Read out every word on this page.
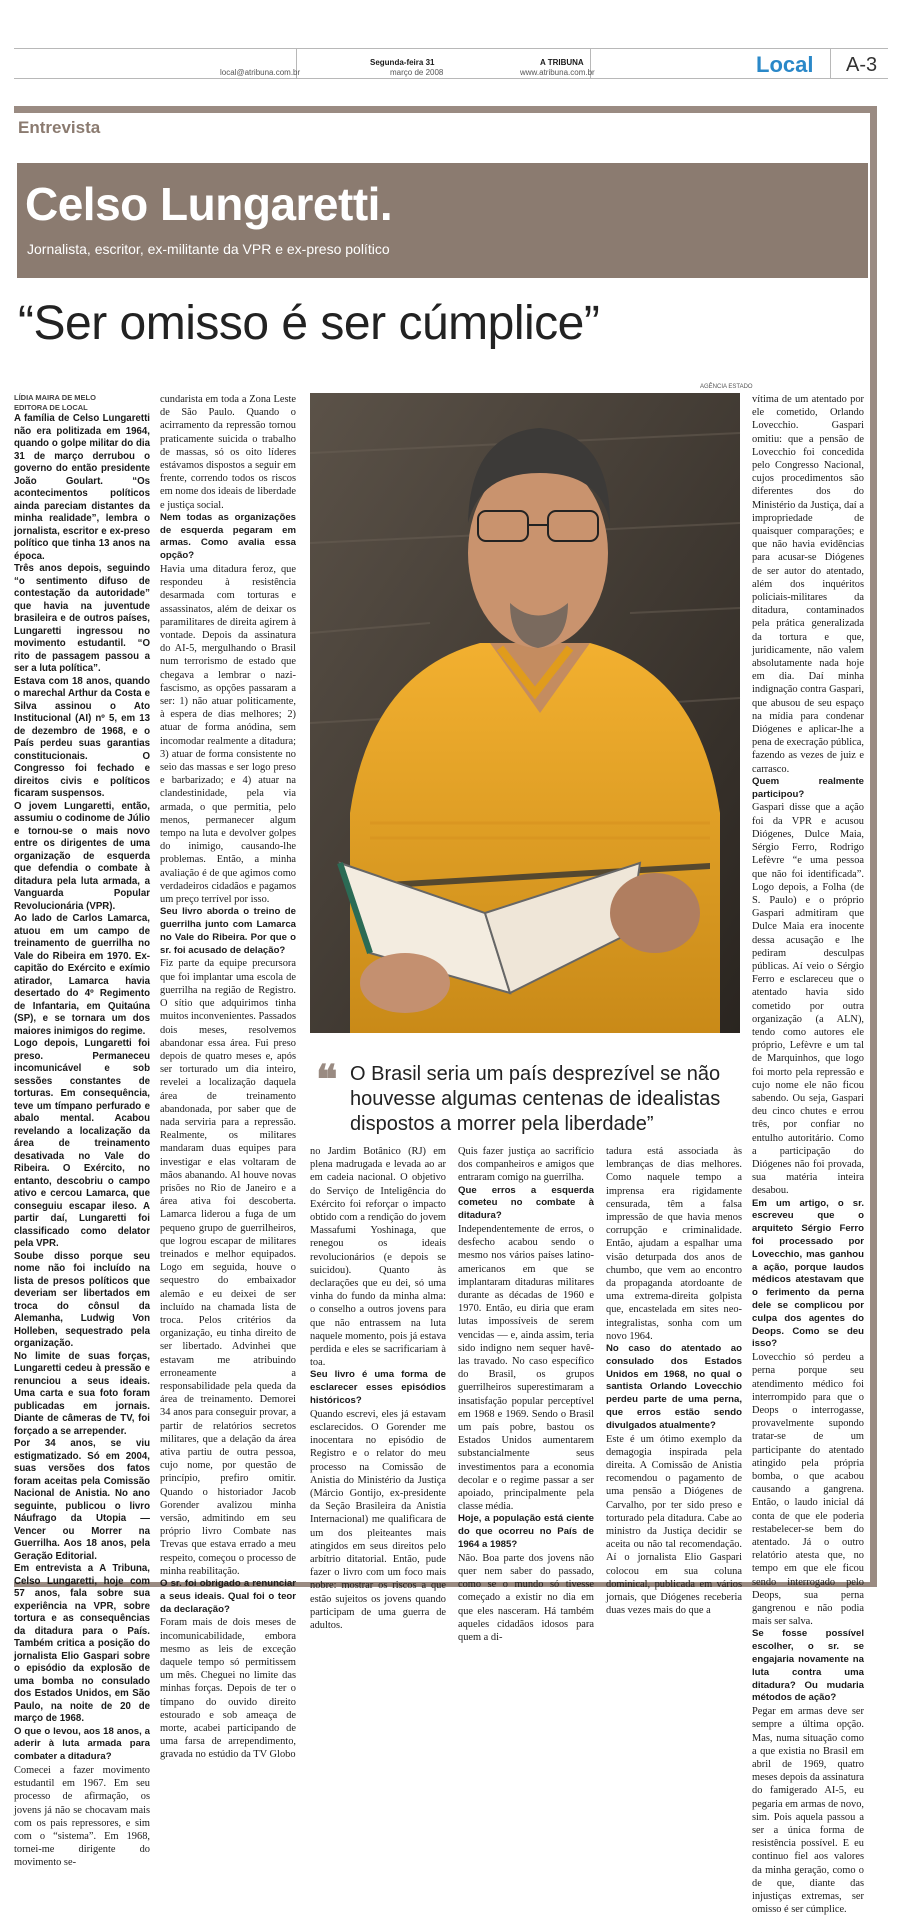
local@atribuna.com.br
Segunda-feira 31
março de 2008
A TRIBUNA
www.atribuna.com.br	Local A-3
Entrevista
Celso Lungaretti.
Jornalista, escritor, ex-militante da VPR e ex-preso político
“Ser omisso é ser cúmplice”
AGÊNCIA ESTADO
❝ O Brasil seria um país desprezível se não houvesse algumas centenas de idealistas dispostos a morrer pela liberdade”
LÍDIA MAIRA DE MELO
EDITORA DE LOCAL

A família de Celso Lungaretti não era politizada em 1964, quando o golpe militar do dia 31 de março derrubou o governo do então presidente João Goulart. “Os acontecimentos políticos ainda pareciam distantes da minha realidade”, lembra o jornalista, escritor e ex-preso político que tinha 13 anos na época.

Três anos depois, seguindo “o sentimento difuso de contestação da autoridade” que havia na juventude brasileira e de outros países, Lungaretti ingressou no movimento estudantil. “O rito de passagem passou a ser a luta política”.

Estava com 18 anos, quando o marechal Arthur da Costa e Silva assinou o Ato Institucional (AI) nº 5, em 13 de dezembro de 1968, e o País perdeu suas garantias constitucionais. O Congresso foi fechado e direitos civis e políticos ficaram suspensos.

O jovem Lungaretti, então, assumiu o codinome de Júlio e tornou-se o mais novo entre os dirigentes de uma organização de esquerda que defendia o combate à ditadura pela luta armada, a Vanguarda Popular Revolucionária (VPR).

Ao lado de Carlos Lamarca, atuou em um campo de treinamento de guerrilha no Vale do Ribeira em 1970. Ex-capitão do Exército e exímio atirador, Lamarca havia desertado do 4º Regimento de Infantaria, em Quitaúna (SP), e se tornara um dos maiores inimigos do regime.

Logo depois, Lungaretti foi preso. Permaneceu incomunicável e sob sessões constantes de torturas. Em consequência, teve um tímpano perfurado e abalo mental. Acabou revelando a localização da área de treinamento desativada no Vale do Ribeira. O Exército, no entanto, descobriu o campo ativo e cercou Lamarca, que conseguiu escapar ileso. A partir daí, Lungaretti foi classificado como delator pela VPR.

Soube disso porque seu nome não foi incluído na lista de presos políticos que deveriam ser libertados em troca do cônsul da Alemanha, Ludwig Von Holleben, sequestrado pela organização.

No limite de suas forças, Lungaretti cedeu à pressão e renunciou a seus ideais. Uma carta e sua foto foram publicadas em jornais. Diante de câmeras de TV, foi forçado a se arrepender.

Por 34 anos, se viu estigmatizado. Só em 2004, suas versões dos fatos foram aceitas pela Comissão Nacional de Anistia. No ano seguinte, publicou o livro Náufrago da Utopia — Vencer ou Morrer na Guerrilha. Aos 18 anos, pela Geração Editorial.

Em entrevista a A Tribuna, Celso Lungaretti, hoje com 57 anos, fala sobre sua experiência na VPR, sobre tortura e as consequências da ditadura para o País. Também critica a posição do jornalista Elio Gaspari sobre o episódio da explosão de uma bomba no consulado dos Estados Unidos, em São Paulo, na noite de 20 de março de 1968.

O que o levou, aos 18 anos, a aderir à luta armada para combater a ditadura?

Comecei a fazer movimento estudantil em 1967. Em seu processo de afirmação, os jovens já não se chocavam mais com os pais repressores, e sim com o “sistema”. Em 1968, tornei-me dirigente do movimento se-

cundarista em toda a Zona Leste de São Paulo. Quando o acirramento da repressão tornou praticamente suicida o trabalho de massas, só os oito líderes estávamos dispostos a seguir em frente, correndo todos os riscos em nome dos ideais de liberdade e justiça social.

Nem todas as organizações de esquerda pegaram em armas. Como avalia essa opção?

Havia uma ditadura feroz, que respondeu à resistência desarmada com torturas e assassinatos, além de deixar os paramilitares de direita agirem à vontade. Depois da assinatura do AI-5, mergulhando o Brasil num terrorismo de estado que chegava a lembrar o nazi-fascismo, as opções passaram a ser: 1) não atuar politicamente, à espera de dias melhores; 2) atuar de forma anódina, sem incomodar realmente a ditadura; 3) atuar de forma consistente no seio das massas e ser logo preso e barbarizado; e 4) atuar na clandestinidade, pela via armada, o que permitia, pelo menos, permanecer algum tempo na luta e devolver golpes do inimigo, causando-lhe problemas. Então, a minha avaliação é de que agimos como verdadeiros cidadãos e pagamos um preço terrível por isso.

Seu livro aborda o treino de guerrilha junto com Lamarca no Vale do Ribeira. Por que o sr. foi acusado de delação?

Fiz parte da equipe precursora que foi implantar uma escola de guerrilha na região de Registro. O sítio que adquirimos tinha muitos inconvenientes. Passados dois meses, resolvemos abandonar essa área. Fui preso depois de quatro meses e, após ser torturado um dia inteiro, revelei a localização daquela área de treinamento abandonada, por saber que de nada serviria para a repressão. Realmente, os militares mandaram duas equipes para investigar e elas voltaram de mãos abanando. Al houve novas prisões no Rio de Janeiro e a área ativa foi descoberta. Lamarca liderou a fuga de um pequeno grupo de guerrilheiros, que logrou escapar de militares treinados e melhor equipados. Logo em seguida, houve o sequestro do embaixador alemão e eu deixei de ser incluído na chamada lista de troca. Pelos critérios da organização, eu tinha direito de ser libertado. Advinhei que estavam me atribuindo erroneamente a responsabilidade pela queda da área de treinamento. Demorei 34 anos para conseguir provar, a partir de relatórios secretos militares, que a delação da área ativa partiu de outra pessoa, cujo nome, por questão de princípio, prefiro omitir. Quando o historiador Jacob Gorender avalizou minha versão, admitindo em seu próprio livro Combate nas Trevas que estava errado a meu respeito, começou o processo de minha reabilitação.

O sr. foi obrigado a renunciar a seus ideais. Qual foi o teor da declaração?

Foram mais de dois meses de incomunicabilidade, embora mesmo as leis de exceção daquele tempo só permitissem um mês. Cheguei no limite das minhas forças. Depois de ter o tímpano do ouvido direito estourado e sob ameaça de morte, acabei participando de uma farsa de arrependimento, gravada no estúdio da TV Globo

no Jardim Botânico (RJ) em plena madrugada e levada ao ar em cadeia nacional. O objetivo do Serviço de Inteligência do Exército foi reforçar o impacto obtido com a rendição do jovem Massafumi Yoshinaga, que renegou os ideais revolucionários (e depois se suicidou). Quanto às declarações que eu dei, só uma vinha do fundo da minha alma: o conselho a outros jovens para que não entrassem na luta naquele momento, pois já estava perdida e eles se sacrificariam à toa.

Seu livro é uma forma de esclarecer esses episódios históricos?

Quando escrevi, eles já estavam esclarecidos. O Gorender me inocentara no episódio de Registro e o relator do meu processo na Comissão de Anistia do Ministério da Justiça (Márcio Gontijo, ex-presidente da Seção Brasileira da Anistia Internacional) me qualificara de um dos pleiteantes mais atingidos em seus direitos pelo arbítrio ditatorial. Então, pude fazer o livro com um foco mais nobre: mostrar os riscos a que estão sujeitos os jovens quando participam de uma guerra de adultos.

Quis fazer justiça ao sacrifício dos companheiros e amigos que entraram comigo na guerrilha.

Que erros a esquerda cometeu no combate à ditadura?

Independentemente de erros, o desfecho acabou sendo o mesmo nos vários países latino-americanos em que se implantaram ditaduras militares durante as décadas de 1960 e 1970. Então, eu diria que eram lutas impossíveis de serem vencidas — e, ainda assim, teria sido indigno nem sequer havê-las travado. No caso específico do Brasil, os grupos guerrilheiros superestimaram a insatisfação popular perceptível em 1968 e 1969. Sendo o Brasil um país pobre, bastou os Estados Unidos aumentarem substancialmente seus investimentos para a economia decolar e o regime passar a ser apoiado, principalmente pela classe média.

Hoje, a população está ciente do que ocorreu no País de 1964 a 1985?

Não. Boa parte dos jovens não quer nem saber do passado, como se o mundo só tivesse começado a existir no dia em que eles nasceram. Há também aqueles cidadãos idosos para quem a di-

tadura está associada às lembranças de dias melhores. Como naquele tempo a imprensa era rigidamente censurada, têm a falsa impressão de que havia menos corrupção e criminalidade. Então, ajudam a espalhar uma visão deturpada dos anos de chumbo, que vem ao encontro da propaganda atordoante de uma extrema-direita golpista que, encastelada em sites neo-integralistas, sonha com um novo 1964.

No caso do atentado ao consulado dos Estados Unidos em 1968, no qual o santista Orlando Lovecchio perdeu parte de uma perna, que erros estão sendo divulgados atualmente?

Este é um ótimo exemplo da demagogia inspirada pela direita. A Comissão de Anistia recomendou o pagamento de uma pensão a Diógenes de Carvalho, por ter sido preso e torturado pela ditadura. Cabe ao ministro da Justiça decidir se aceita ou não tal recomendação. Aí o jornalista Elio Gaspari colocou em sua coluna dominical, publicada em vários jornais, que Diógenes receberia duas vezes mais do que a

vítima de um atentado por ele cometido, Orlando Lovecchio. Gaspari omitiu: que a pensão de Lovecchio foi concedida pelo Congresso Nacional, cujos procedimentos são diferentes dos do Ministério da Justiça, daí a impropriedade de quaisquer comparações; e que não havia evidências para acusar-se Diógenes de ser autor do atentado, além dos inquéritos policiais-militares da ditadura, contaminados pela prática generalizada da tortura e que, juridicamente, não valem absolutamente nada hoje em dia. Daí minha indignação contra Gaspari, que abusou de seu espaço na mídia para condenar Diógenes e aplicar-lhe a pena de execração pública, fazendo as vezes de juiz e carrasco.

Quem realmente participou?

Gaspari disse que a ação foi da VPR e acusou Diógenes, Dulce Maia, Sérgio Ferro, Rodrigo Lefèvre “e uma pessoa que não foi identificada”. Logo depois, a Folha (de S. Paulo) e o próprio Gaspari admitiram que Dulce Maia era inocente dessa acusação e lhe pediram desculpas públicas. Aí veio o Sérgio Ferro e esclareceu que o atentado havia sido cometido por outra organização (a ALN), tendo como autores ele próprio, Lefèvre e um tal de Marquinhos, que logo foi morto pela repressão e cujo nome ele não ficou sabendo. Ou seja, Gaspari deu cinco chutes e errou três, por confiar no entulho autoritário. Como a participação do Diógenes não foi provada, sua matéria inteira desabou.

Em um artigo, o sr. escreveu que o arquiteto Sérgio Ferro foi processado por Lovecchio, mas ganhou a ação, porque laudos médicos atestavam que o ferimento da perna dele se complicou por culpa dos agentes do Deops. Como se deu isso?

Lovecchio só perdeu a perna porque seu atendimento médico foi interrompido para que o Deops o interrogasse, provavelmente supondo tratar-se de um participante do atentado atingido pela própria bomba, o que acabou causando a gangrena. Então, o laudo inicial dá conta de que ele poderia restabelecer-se bem do atentado. Já o outro relatório atesta que, no tempo em que ele ficou sendo interrogado pelo Deops, sua perna gangrenou e não podia mais ser salva.

Se fosse possível escolher, o sr. se engajaria novamente na luta contra uma ditadura? Ou mudaria métodos de ação?

Pegar em armas deve ser sempre a última opção. Mas, numa situação como a que existia no Brasil em abril de 1969, quatro meses depois da assinatura do famigerado AI-5, eu pegaria em armas de novo, sim. Pois aquela passou a ser a única forma de resistência possível. E eu continuo fiel aos valores da minha geração, como o de que, diante das injustiças extremas, ser omisso é ser cúmplice.
